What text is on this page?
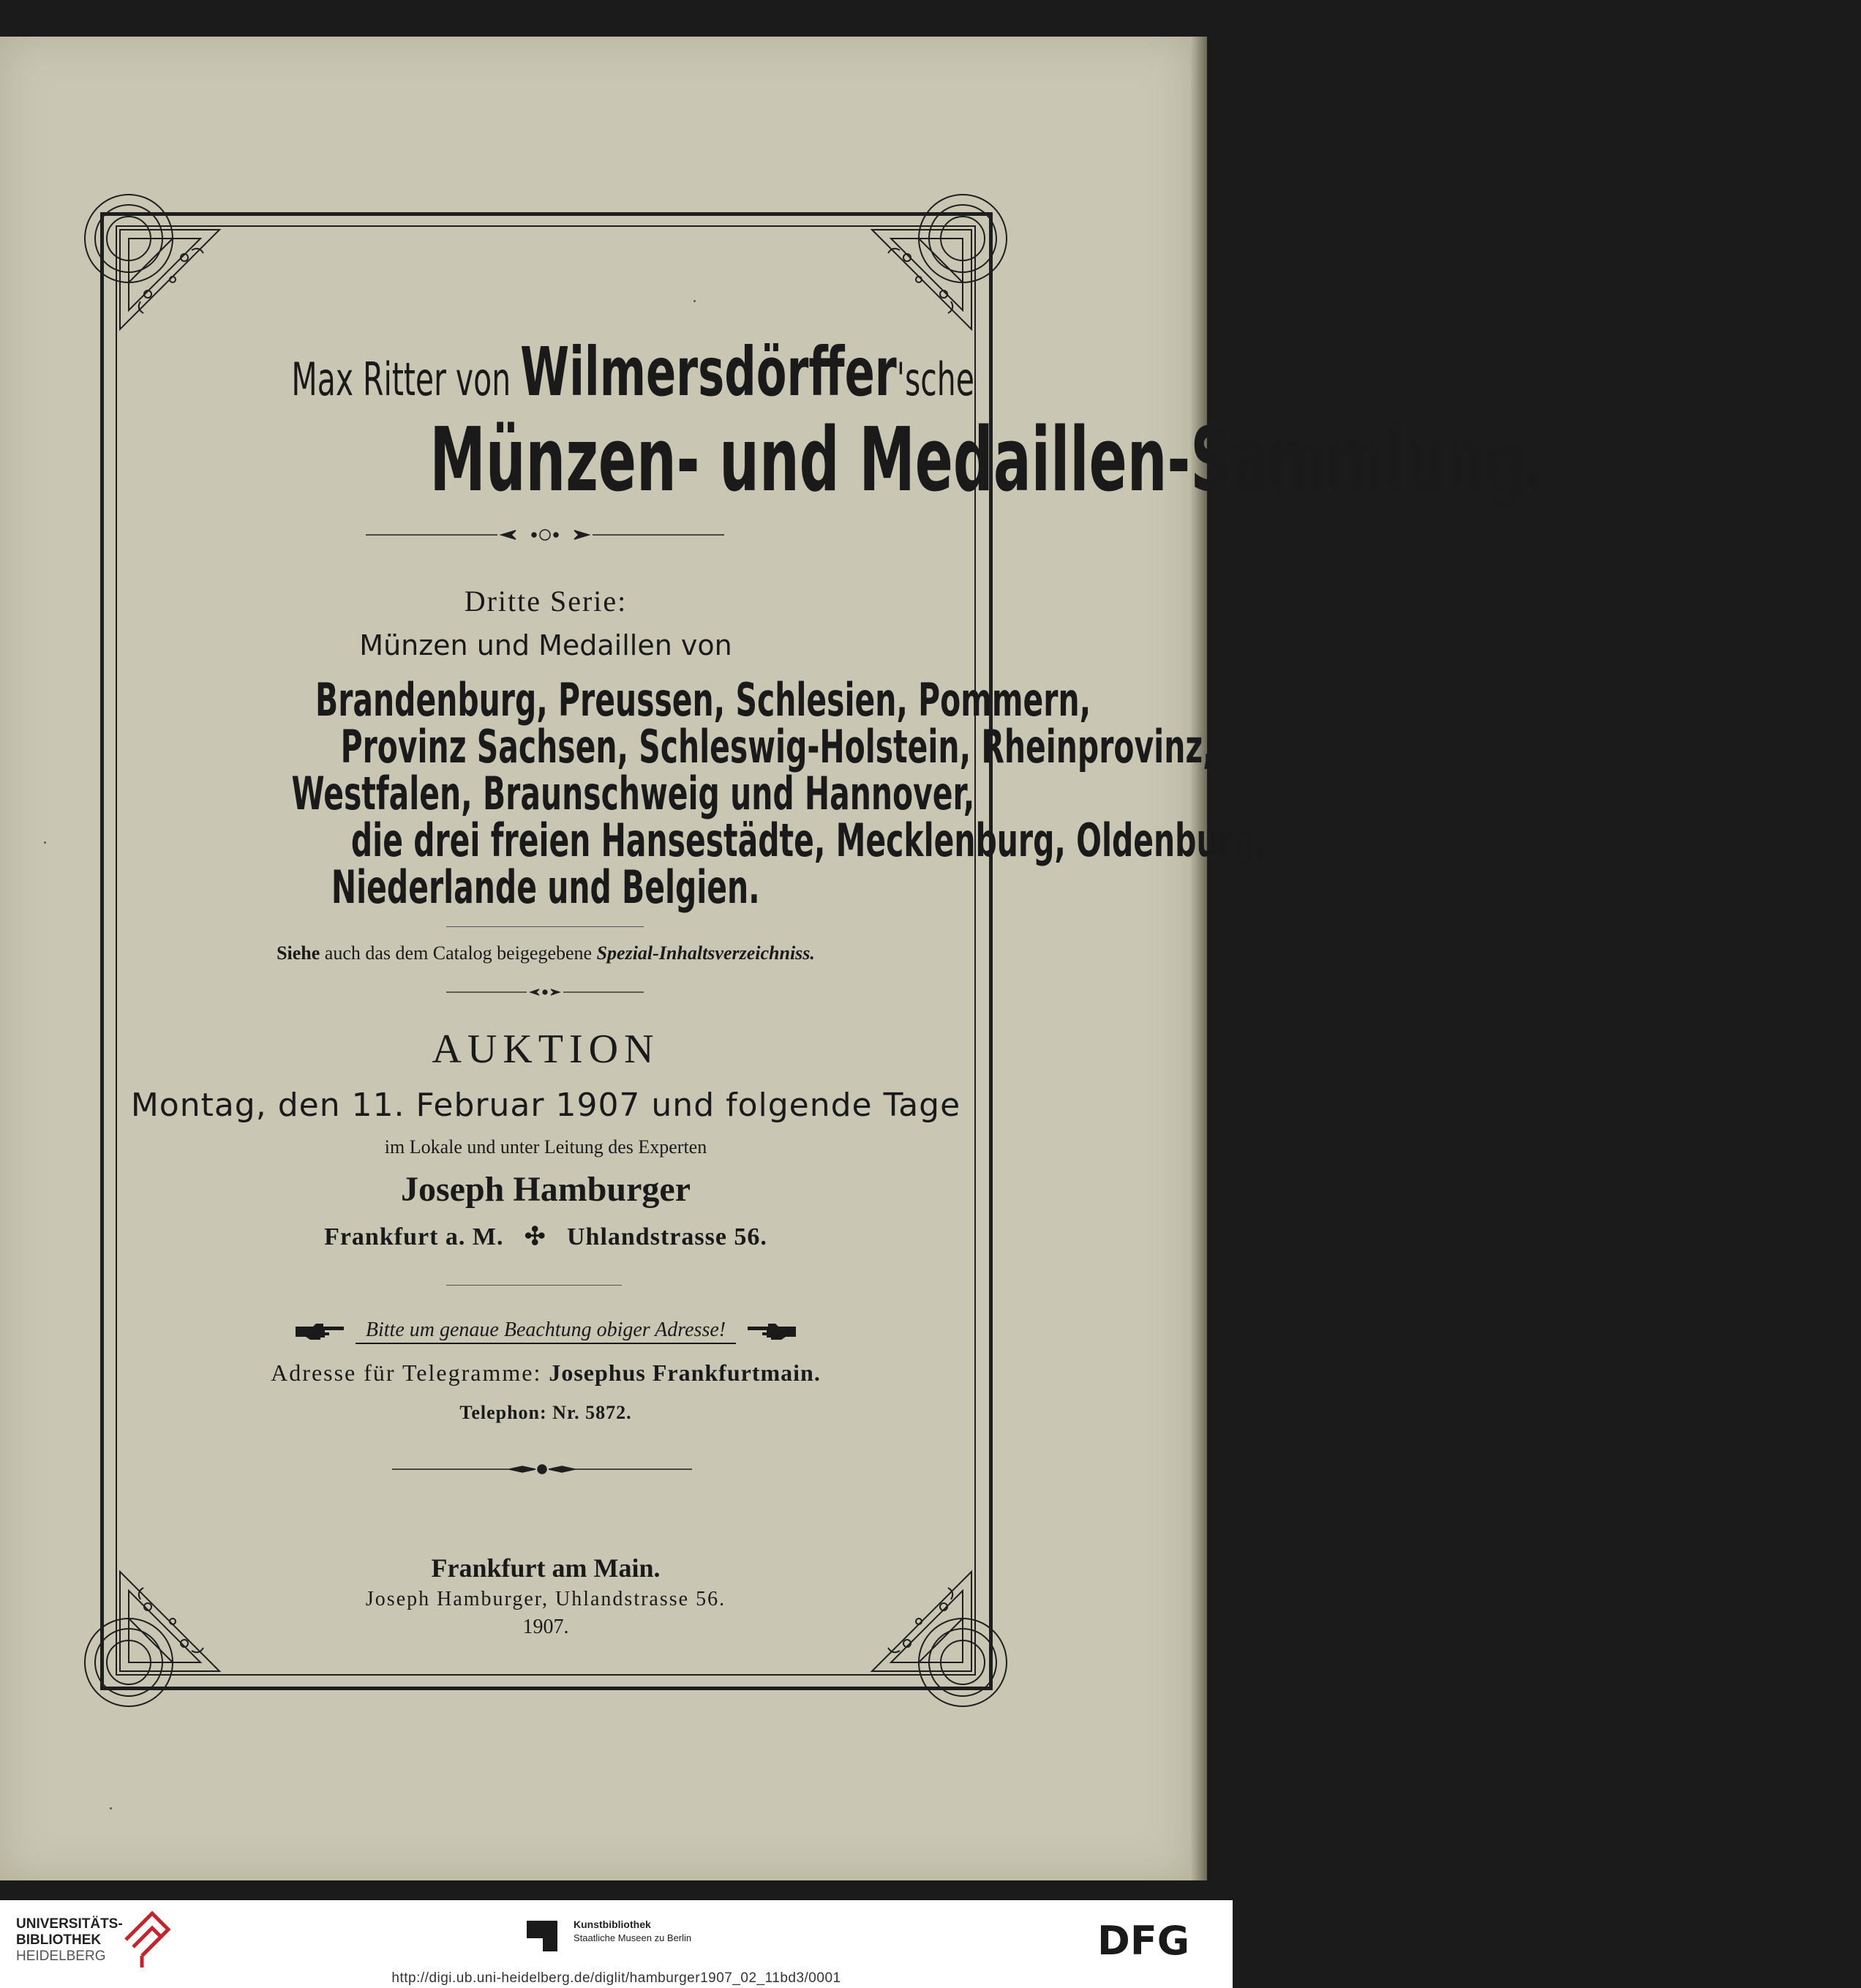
Max Ritter von Wilmersdörffer'sche
Münzen- und Medaillen-Sammlung.
Dritte Serie:
Münzen und Medaillen von
Brandenburg, Preussen, Schlesien, Pommern,
Provinz Sachsen, Schleswig-Holstein, Rheinprovinz,
Westfalen, Braunschweig und Hannover,
die drei freien Hansestädte, Mecklenburg, Oldenburg,
Niederlande und Belgien.
Siehe auch das dem Catalog beigegebene Spezial-Inhaltsverzeichniss.
AUKTION
Montag, den 11. Februar 1907 und folgende Tage
im Lokale und unter Leitung des Experten
Joseph Hamburger
Frankfurt a. M. ✣ Uhlandstrasse 56.
Bitte um genaue Beachtung obiger Adresse!
Adresse für Telegramme: Josephus Frankfurtmain.
Telephon: Nr. 5872.
Frankfurt am Main.
Joseph Hamburger, Uhlandstrasse 56.
1907.
UNIVERSITÄTS-
BIBLIOTHEK
HEIDELBERG
Kunstbibliothek
Staatliche Museen zu Berlin	DFG
http://digi.ub.uni-heidelberg.de/diglit/hamburger1907_02_11bd3/0001
